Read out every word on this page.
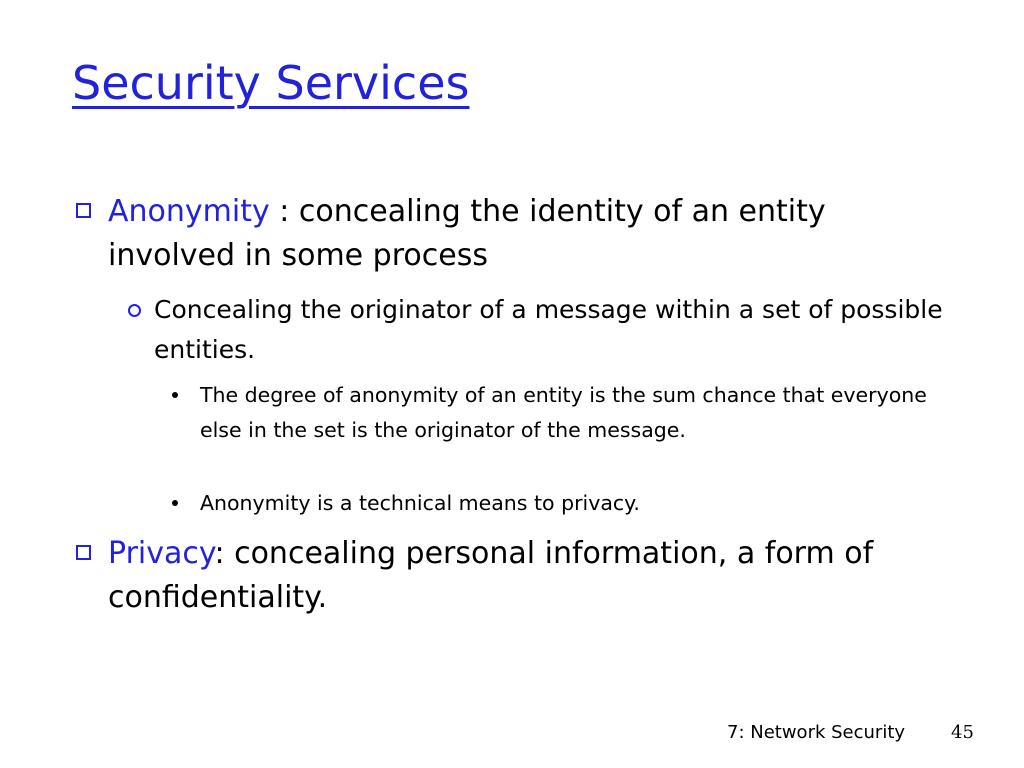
Security Services
Anonymity : concealing the identity of an entity involved in some process
Concealing the originator of a message within a set of possible entities.
The degree of anonymity of an entity is the sum chance that everyone else in the set is the originator of the message.
Anonymity is a technical means to privacy.
Privacy: concealing personal information, a form of confidentiality.
7: Network Security	45
